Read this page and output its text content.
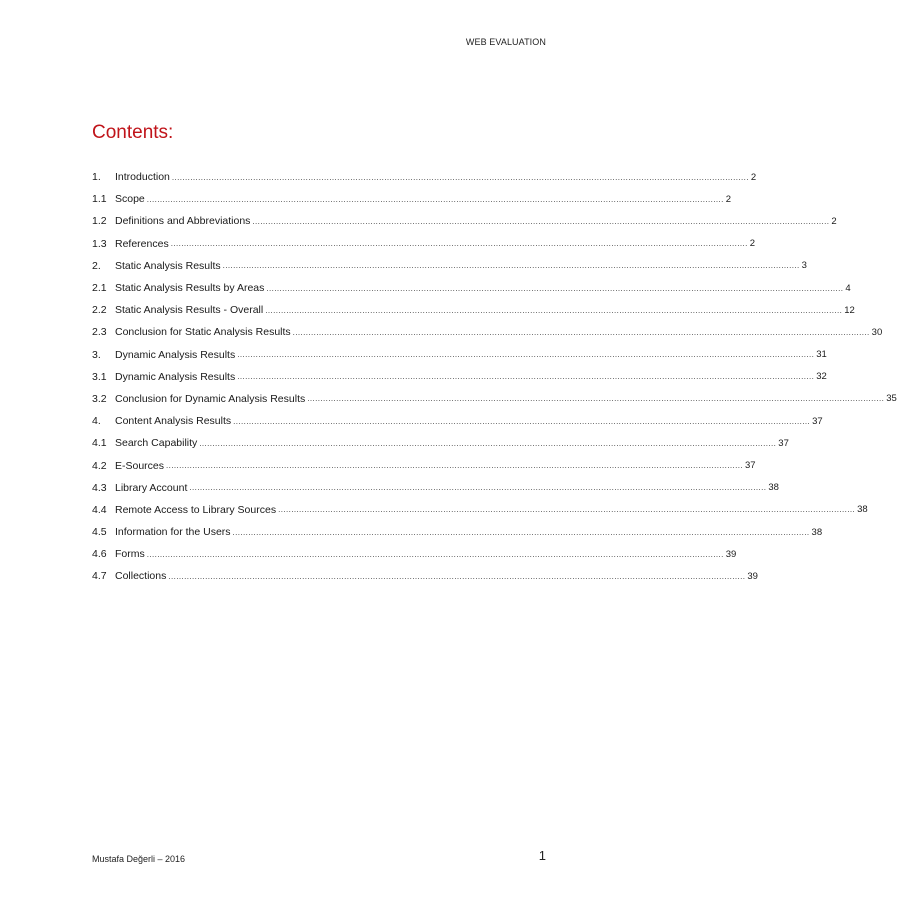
WEB EVALUATION
Contents:
1.	Introduction ............................................................................................................................................................................................................................ 2
1.1 Scope ............................................................................................................................................................................................................................ 2
1.2 Definitions and Abbreviations ............................................................................................................................................................................................................................ 2
1.3 References ............................................................................................................................................................................................................................ 2
2.	Static Analysis Results ............................................................................................................................................................................................................................ 3
2.1 Static Analysis Results by Areas ............................................................................................................................................................................................................................ 4
2.2 Static Analysis Results - Overall ............................................................................................................................................................................................................................ 12
2.3 Conclusion for Static Analysis Results ............................................................................................................................................................................................................................ 30
3.	Dynamic Analysis Results ............................................................................................................................................................................................................................ 31
3.1 Dynamic Analysis Results ............................................................................................................................................................................................................................ 32
3.2 Conclusion for Dynamic Analysis Results ............................................................................................................................................................................................................................ 35
4.	Content Analysis Results ............................................................................................................................................................................................................................ 37
4.1 Search Capability ............................................................................................................................................................................................................................ 37
4.2 E-Sources ............................................................................................................................................................................................................................ 37
4.3 Library Account ............................................................................................................................................................................................................................ 38
4.4 Remote Access to Library Sources ............................................................................................................................................................................................................................ 38
4.5 Information for the Users ............................................................................................................................................................................................................................ 38
4.6 Forms ............................................................................................................................................................................................................................ 39
4.7 Collections ............................................................................................................................................................................................................................ 39
Mustafa Değerli – 2016	1
